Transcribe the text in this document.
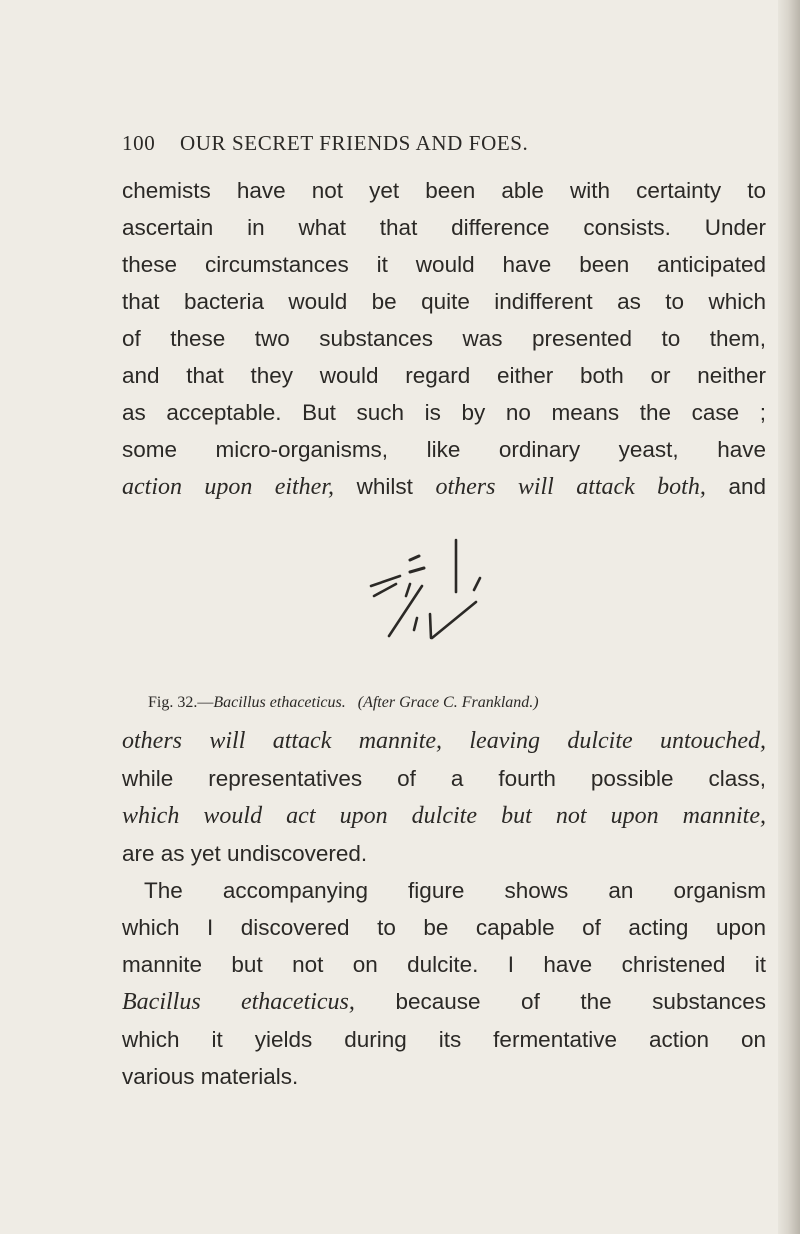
100 OUR SECRET FRIENDS AND FOES.
chemists have not yet been able with certainty to
ascertain in what that difference consists. Under
these circumstances it would have been anticipated
that bacteria would be quite indifferent as to which
of these two substances was presented to them,
and that they would regard either both or neither
as acceptable. But such is by no means the case ;
some micro-organisms, like ordinary yeast, have
action upon either, whilst others will attack both, and
Fig. 32.—Bacillus ethaceticus. (After Grace C. Frankland.)
others will attack mannite, leaving dulcite untouched,
while representatives of a fourth possible class,
which would act upon dulcite but not upon mannite,
are as yet undiscovered.
The accompanying figure shows an organism
which I discovered to be capable of acting upon
mannite but not on dulcite. I have christened it
Bacillus ethaceticus, because of the substances
which it yields during its fermentative action on
various materials.
